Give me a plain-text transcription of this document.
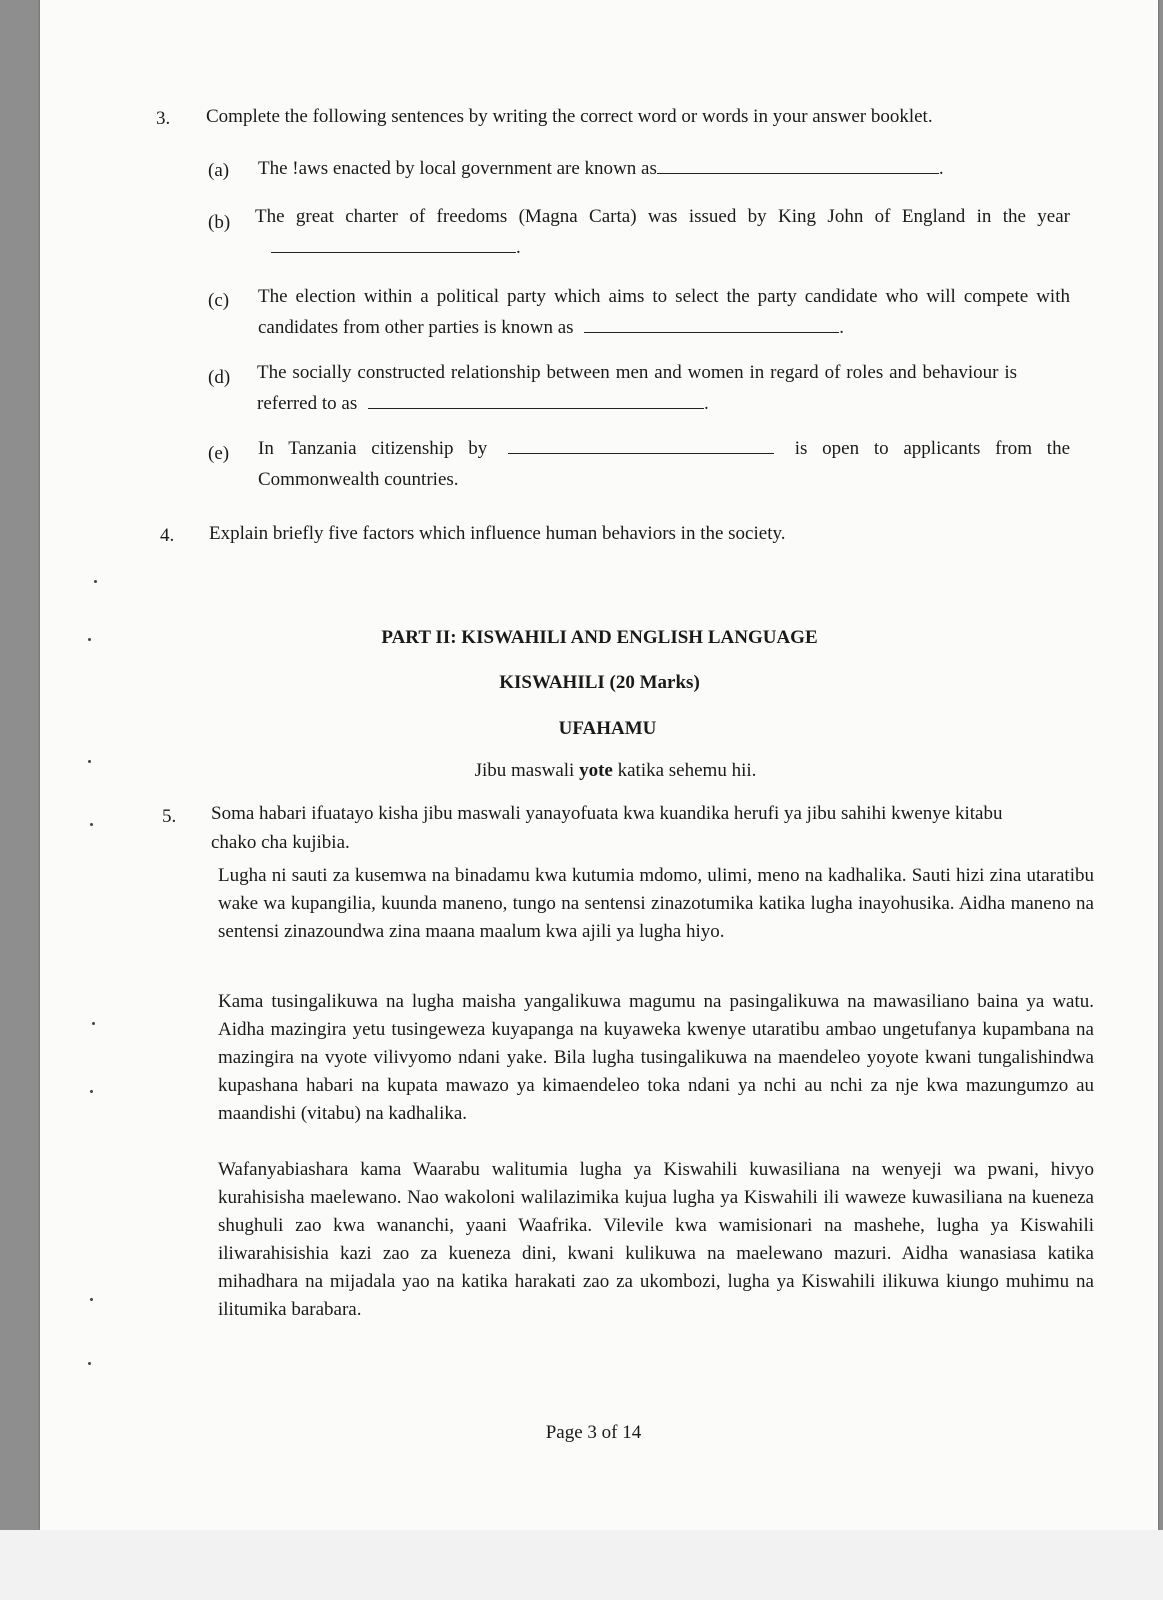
3. Complete the following sentences by writing the correct word or words in your answer booklet.
(a) The !aws enacted by local government are known as	.
(b) The great charter of freedoms (Magna Carta) was issued by King John of England in the year .
(c) The election within a political party which aims to select the party candidate who will compete with candidates from other parties is known as	.
(d) The socially constructed relationship between men and women in regard of roles and behaviour is referred to as	.
(e) In Tanzania citizenship by	is open to applicants from the Commonwealth countries.
4. Explain briefly five factors which influence human behaviors in the society.
PART II: KISWAHILI AND ENGLISH LANGUAGE
KISWAHILI (20 Marks)
UFAHAMU
Jibu maswali yote katika sehemu hii.
5. Soma habari ifuatayo kisha jibu maswali yanayofuata kwa kuandika herufi ya jibu sahihi kwenye kitabu chako cha kujibia.
Lugha ni sauti za kusemwa na binadamu kwa kutumia mdomo, ulimi, meno na kadhalika. Sauti hizi zina utaratibu wake wa kupangilia, kuunda maneno, tungo na sentensi zinazotumika katika lugha inayohusika. Aidha maneno na sentensi zinazoundwa zina maana maalum kwa ajili ya lugha hiyo.
Kama tusingalikuwa na lugha maisha yangalikuwa magumu na pasingalikuwa na mawasiliano baina ya watu. Aidha mazingira yetu tusingeweza kuyapanga na kuyaweka kwenye utaratibu ambao ungetufanya kupambana na mazingira na vyote vilivyomo ndani yake. Bila lugha tusingalikuwa na maendeleo yoyote kwani tungalishindwa kupashana habari na kupata mawazo ya kimaendeleo toka ndani ya nchi au nchi za nje kwa mazungumzo au maandishi (vitabu) na kadhalika.
Wafanyabiashara kama Waarabu walitumia lugha ya Kiswahili kuwasiliana na wenyeji wa pwani, hivyo kurahisisha maelewano. Nao wakoloni walilazimika kujua lugha ya Kiswahili ili waweze kuwasiliana na kueneza shughuli zao kwa wananchi, yaani Waafrika. Vilevile kwa wamisionari na mashehe, lugha ya Kiswahili iliwarahisishia kazi zao za kueneza dini, kwani kulikuwa na maelewano mazuri. Aidha wanasiasa katika mihadhara na mijadala yao na katika harakati zao za ukombozi, lugha ya Kiswahili ilikuwa kiungo muhimu na ilitumika barabara.
Page 3 of 14
